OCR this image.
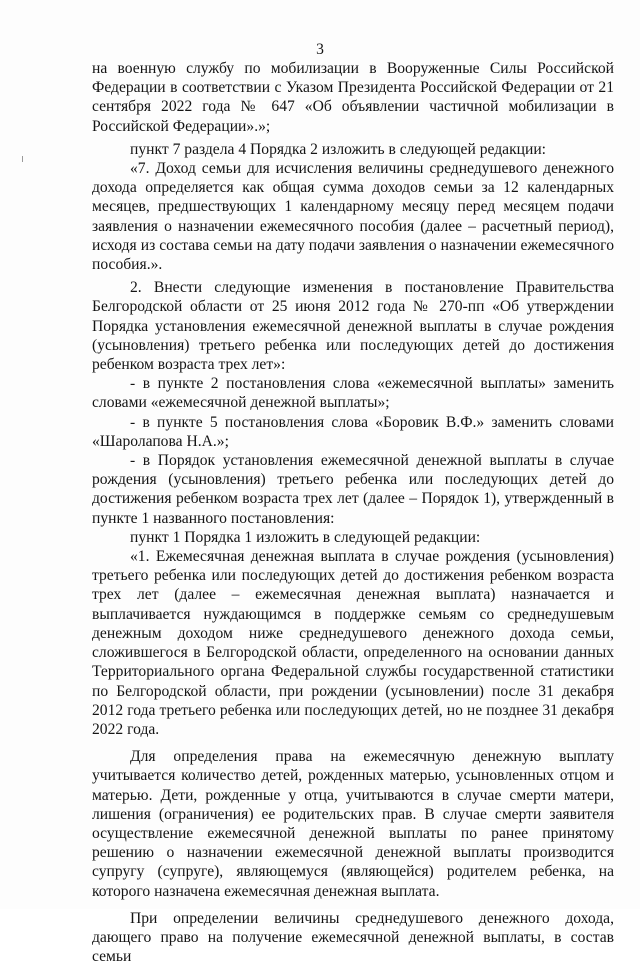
3

на военную службу по мобилизации в Вооруженные Силы Российской Федерации в соответствии с Указом Президента Российской Федерации от 21 сентября 2022 года № 647 «Об объявлении частичной мобилизации в Российской Федерации».»;

пункт 7 раздела 4 Порядка 2 изложить в следующей редакции:

«7. Доход семьи для исчисления величины среднедушевого денежного дохода определяется как общая сумма доходов семьи за 12 календарных месяцев, предшествующих 1 календарному месяцу перед месяцем подачи заявления о назначении ежемесячного пособия (далее – расчетный период), исходя из состава семьи на дату подачи заявления о назначении ежемесячного пособия.».

2. Внести следующие изменения в постановление Правительства Белгородской области от 25 июня 2012 года № 270-пп «Об утверждении Порядка установления ежемесячной денежной выплаты в случае рождения (усыновления) третьего ребенка или последующих детей до достижения ребенком возраста трех лет»:

- в пункте 2 постановления слова «ежемесячной выплаты» заменить словами «ежемесячной денежной выплаты»;

- в пункте 5 постановления слова «Боровик В.Ф.» заменить словами «Шаролапова Н.А.»;

- в Порядок установления ежемесячной денежной выплаты в случае рождения (усыновления) третьего ребенка или последующих детей до достижения ребенком возраста трех лет (далее – Порядок 1), утвержденный в пункте 1 названного постановления:

пункт 1 Порядка 1 изложить в следующей редакции:

«1. Ежемесячная денежная выплата в случае рождения (усыновления) третьего ребенка или последующих детей до достижения ребенком возраста трех лет (далее – ежемесячная денежная выплата) назначается и выплачивается нуждающимся в поддержке семьям со среднедушевым денежным доходом ниже среднедушевого денежного дохода семьи, сложившегося в Белгородской области, определенного на основании данных Территориального органа Федеральной службы государственной статистики по Белгородской области, при рождении (усыновлении) после 31 декабря 2012 года третьего ребенка или последующих детей, но не позднее 31 декабря 2022 года.

Для определения права на ежемесячную денежную выплату учитывается количество детей, рожденных матерью, усыновленных отцом и матерью. Дети, рожденные у отца, учитываются в случае смерти матери, лишения (ограничения) ее родительских прав. В случае смерти заявителя осуществление ежемесячной денежной выплаты по ранее принятому решению о назначении ежемесячной денежной выплаты производится супругу (супруге), являющемуся (являющейся) родителем ребенка, на которого назначена ежемесячная денежная выплата.

При определении величины среднедушевого денежного дохода, дающего право на получение ежемесячной денежной выплаты, в состав семьи
